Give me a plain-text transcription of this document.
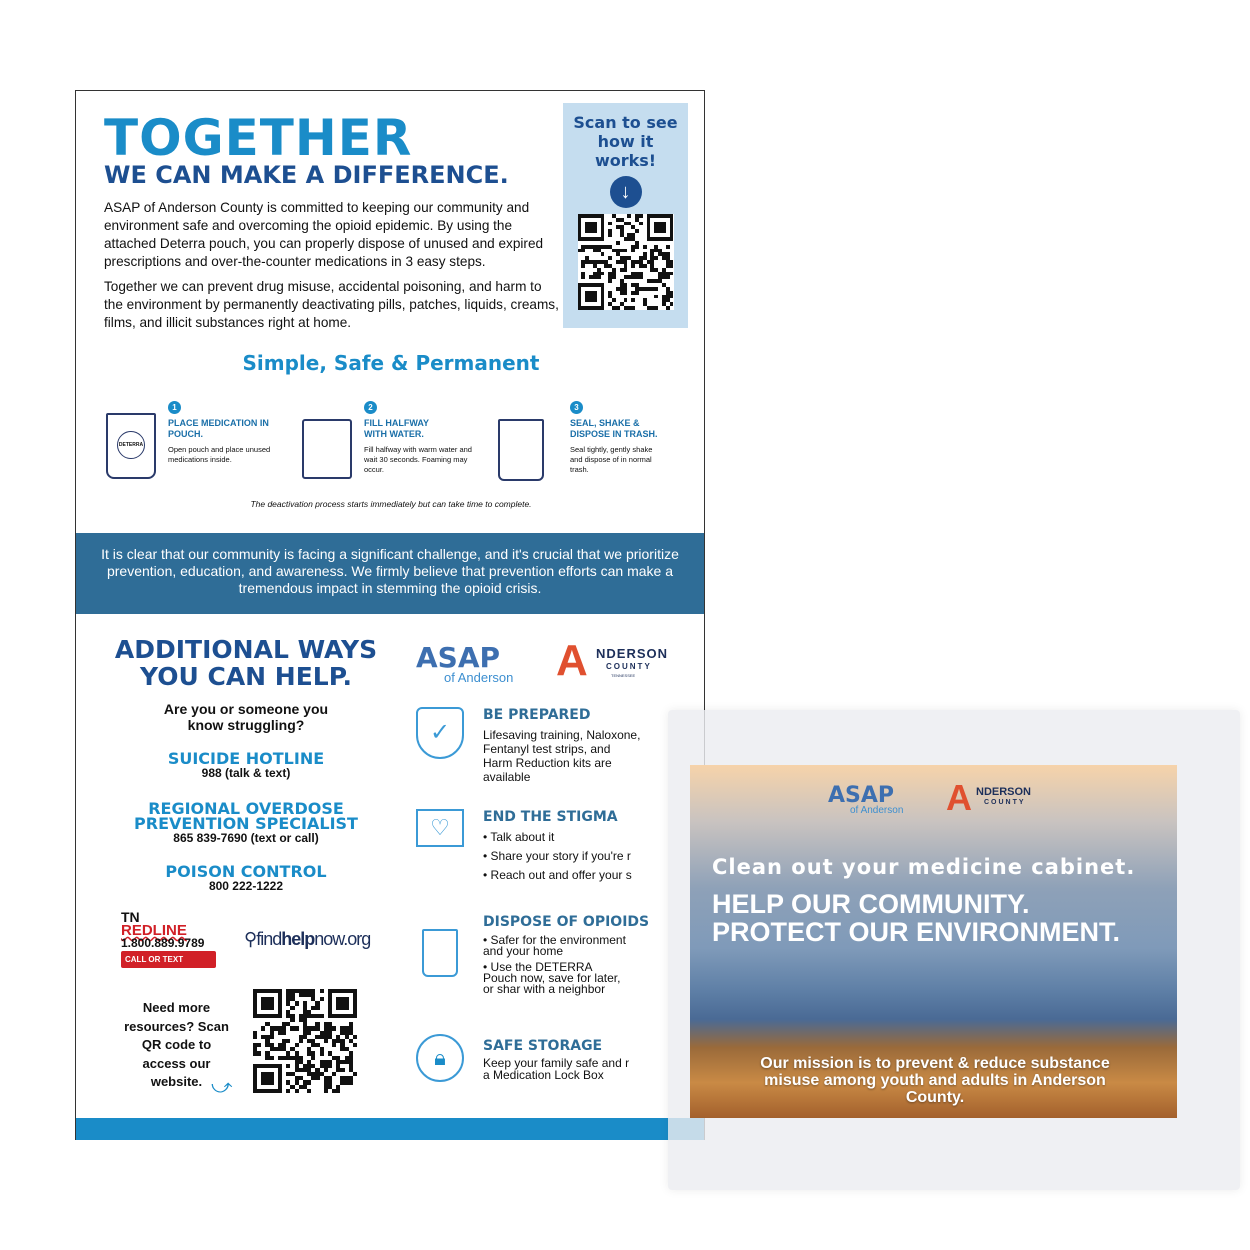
TOGETHER
WE CAN MAKE A DIFFERENCE.
ASAP of Anderson County is committed to keeping our community and environment safe and overcoming the opioid epidemic. By using the attached Deterra pouch, you can properly dispose of unused and expired prescriptions and over-the-counter medications in 3 easy steps.
Together we can prevent drug misuse, accidental poisoning, and harm to the environment by permanently deactivating pills, patches, liquids, creams, films, and illicit substances right at home.
Scan to see how it works!
↓
Simple, Safe & Permanent
DETERRA
1
PLACE MEDICATION IN POUCH.
Open pouch and place unused medications inside.
2
FILL HALFWAY WITH WATER.
Fill halfway with warm water and wait 30 seconds. Foaming may occur.
3
SEAL, SHAKE & DISPOSE IN TRASH.
Seal tightly, gently shake and dispose of in normal trash.
The deactivation process starts immediately but can take time to complete.
It is clear that our community is facing a significant challenge, and it's crucial that we prioritize prevention, education, and awareness. We firmly believe that prevention efforts can make a tremendous impact in stemming the opioid crisis.
ADDITIONAL WAYS YOU CAN HELP.
Are you or someone you know struggling?
SUICIDE HOTLINE
988 (talk & text)
REGIONAL OVERDOSE PREVENTION SPECIALIST
865 839-7690 (text or call)
POISON CONTROL
800 222-1222
TN
REDLINE
1.800.889.9789
CALL OR TEXT
⚲findhelpnow.org
Need more resources? Scan QR code to access our website. ⤻
ASAP
of Anderson A NDERSON
COUNTY
TENNESSEE
✓
♡
🔒︎
BE PREPARED
Lifesaving training, Naloxone, Fentanyl test strips, and Harm Reduction kits are available
END THE STIGMA
• Talk about it
• Share your story if you're r
• Reach out and offer your s
DISPOSE OF OPIOIDS
• Safer for the environment and your home
• Use the DETERRA Pouch now, save for later, or shar with a neighbor
SAFE STORAGE
Keep your family safe and r a Medication Lock Box
ASAP
of Anderson A NDERSON
COUNTY
Clean out your medicine cabinet.
HELP OUR COMMUNITY.
PROTECT OUR ENVIRONMENT.
Our mission is to prevent & reduce substance misuse among youth and adults in Anderson County.
